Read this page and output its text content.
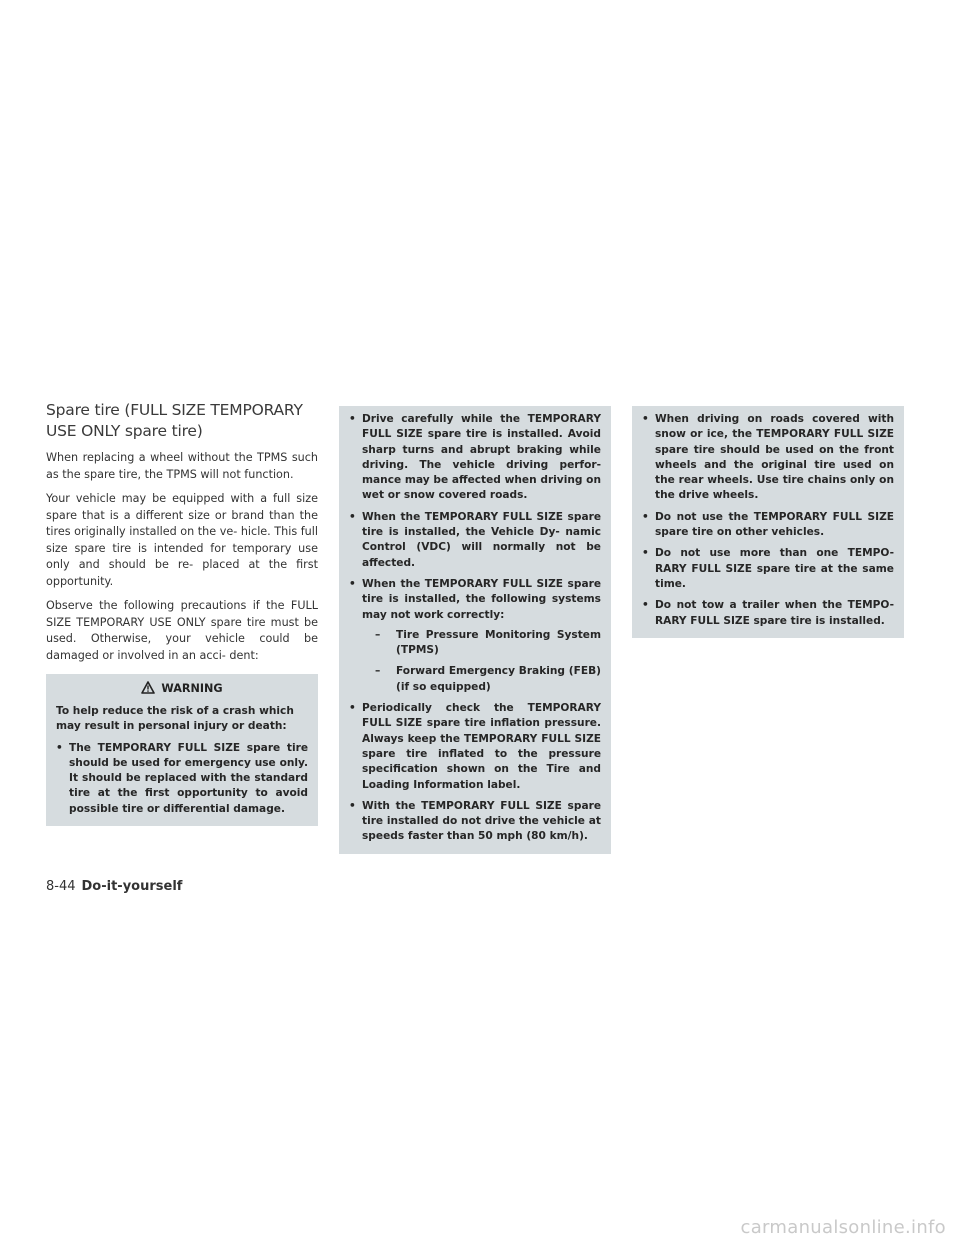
Spare tire (FULL SIZE TEMPORARY
USE ONLY spare tire)

When replacing a wheel without the TPMS such as the spare tire, the TPMS will not function.

Your vehicle may be equipped with a full size spare that is a different size or brand than the tires originally installed on the ve- hicle. This full size spare tire is intended for temporary use only and should be re- placed at the first opportunity.

Observe the following precautions if the FULL SIZE TEMPORARY USE ONLY spare tire must be used. Otherwise, your vehicle could be damaged or involved in an acci- dent:

WARNING

To help reduce the risk of a crash which may result in personal injury or death:

• The TEMPORARY FULL SIZE spare tire should be used for emergency use only. It should be replaced with the standard tire at the first opportunity to avoid possible tire or differential damage.
• Drive carefully while the TEMPORARY FULL SIZE spare tire is installed. Avoid sharp turns and abrupt braking while driving. The vehicle driving perfor- mance may be affected when driving on wet or snow covered roads.
• When the TEMPORARY FULL SIZE spare tire is installed, the Vehicle Dy- namic Control (VDC) will normally not be affected.
• When the TEMPORARY FULL SIZE spare tire is installed, the following systems may not work correctly:
– Tire Pressure Monitoring System (TPMS)
– Forward Emergency Braking (FEB) (if so equipped)
• Periodically check the TEMPORARY FULL SIZE spare tire inflation pressure. Always keep the TEMPORARY FULL SIZE spare tire inflated to the pressure specification shown on the Tire and Loading Information label.
• With the TEMPORARY FULL SIZE spare tire installed do not drive the vehicle at speeds faster than 50 mph (80 km/h).
• When driving on roads covered with snow or ice, the TEMPORARY FULL SIZE spare tire should be used on the front wheels and the original tire used on the rear wheels. Use tire chains only on the drive wheels.
• Do not use the TEMPORARY FULL SIZE spare tire on other vehicles.
• Do not use more than one TEMPO- RARY FULL SIZE spare tire at the same time.
• Do not tow a trailer when the TEMPO- RARY FULL SIZE spare tire is installed.
8-44 Do-it-yourself
carmanualsonline.info
